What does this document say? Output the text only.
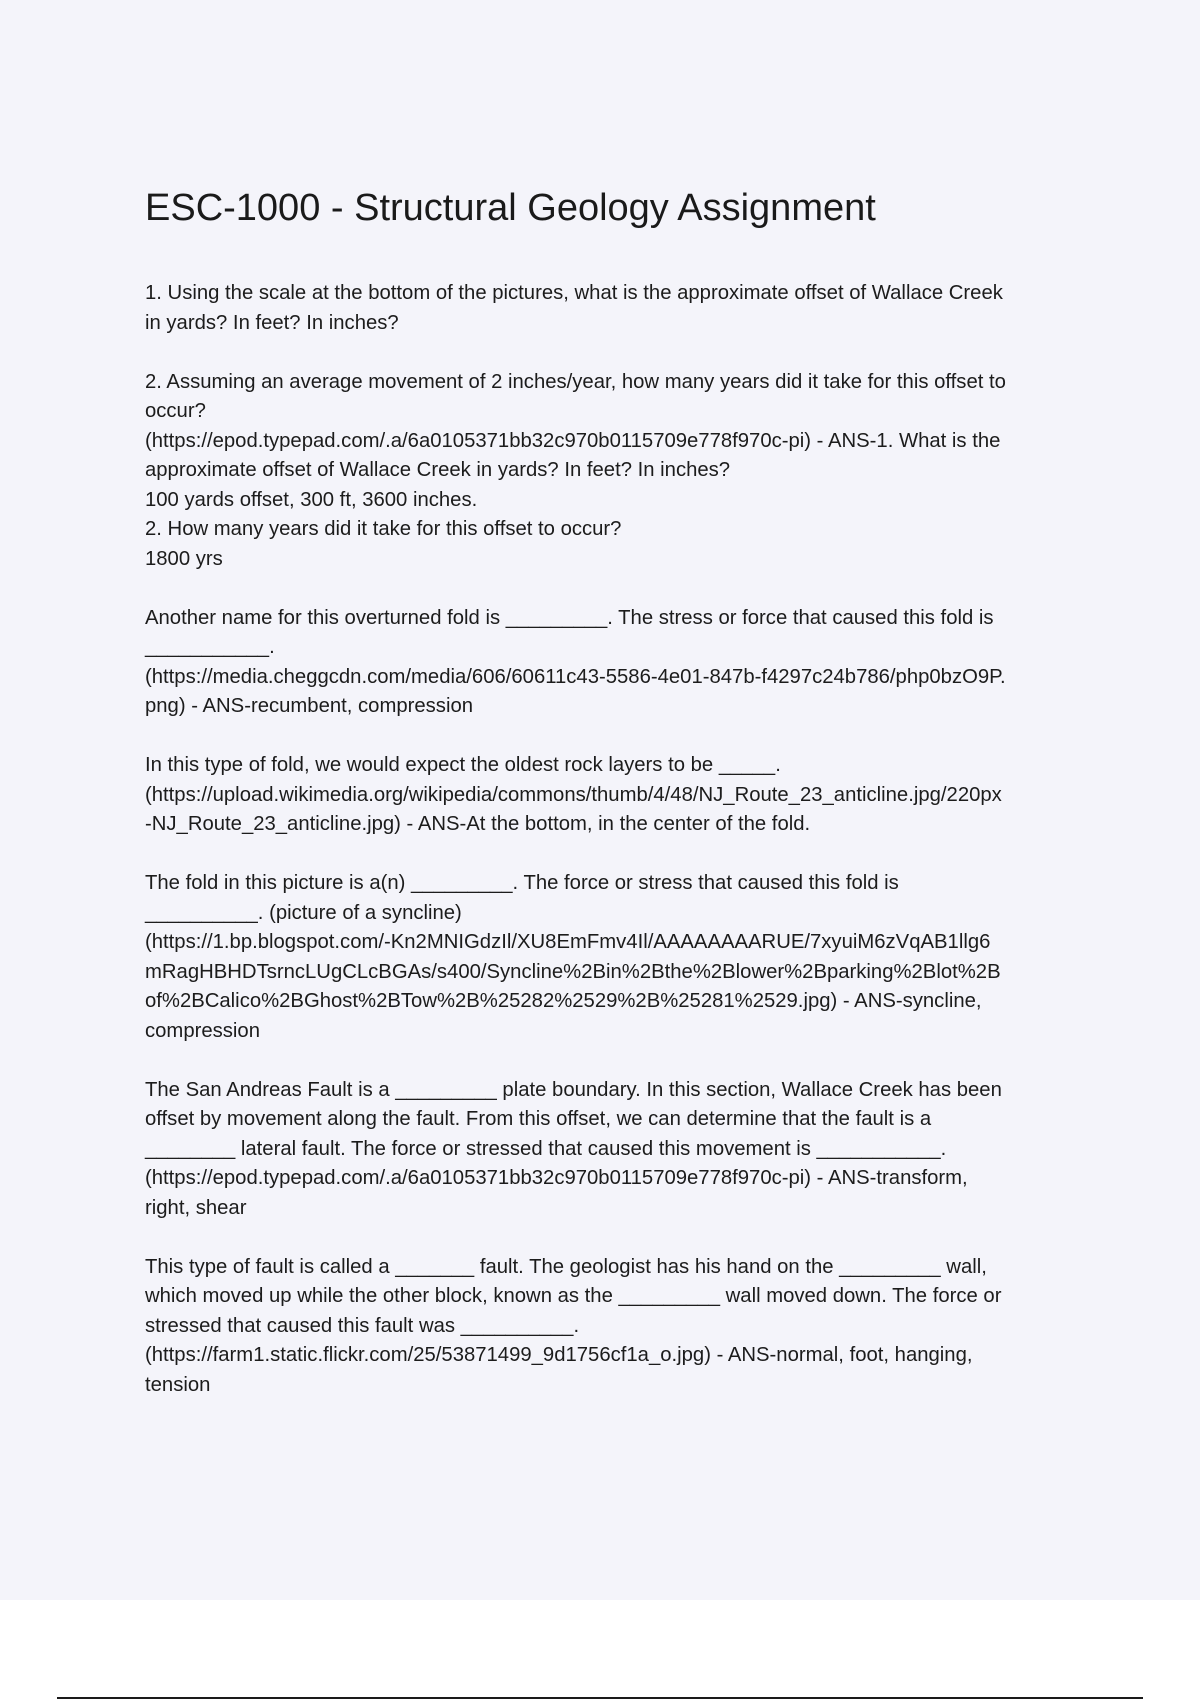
ESC-1000 - Structural Geology Assignment
1. Using the scale at the bottom of the pictures, what is the approximate offset of Wallace Creek
in yards? In feet? In inches?
2. Assuming an average movement of 2 inches/year, how many years did it take for this offset to
occur?
(https://epod.typepad.com/.a/6a0105371bb32c970b0115709e778f970c-pi) - ANS-1. What is the
approximate offset of Wallace Creek in yards? In feet? In inches?
100 yards offset, 300 ft, 3600 inches.
2. How many years did it take for this offset to occur?
1800 yrs
Another name for this overturned fold is _________. The stress or force that caused this fold is
___________.
(https://media.cheggcdn.com/media/606/60611c43-5586-4e01-847b-f4297c24b786/php0bzO9P.
png) - ANS-recumbent, compression
In this type of fold, we would expect the oldest rock layers to be _____.
(https://upload.wikimedia.org/wikipedia/commons/thumb/4/48/NJ_Route_23_anticline.jpg/220px
-NJ_Route_23_anticline.jpg) - ANS-At the bottom, in the center of the fold.
The fold in this picture is a(n) _________. The force or stress that caused this fold is
__________. (picture of a syncline)
(https://1.bp.blogspot.com/-Kn2MNIGdzIl/XU8EmFmv4Il/AAAAAAAARUE/7xyuiM6zVqAB1llg6
mRagHBHDTsrncLUgCLcBGAs/s400/Syncline%2Bin%2Bthe%2Blower%2Bparking%2Blot%2B
of%2BCalico%2BGhost%2BTow%2B%25282%2529%2B%25281%2529.jpg) - ANS-syncline,
compression
The San Andreas Fault is a _________ plate boundary. In this section, Wallace Creek has been
offset by movement along the fault. From this offset, we can determine that the fault is a
________ lateral fault. The force or stressed that caused this movement is ___________.
(https://epod.typepad.com/.a/6a0105371bb32c970b0115709e778f970c-pi) - ANS-transform,
right, shear
This type of fault is called a _______ fault. The geologist has his hand on the _________ wall,
which moved up while the other block, known as the _________ wall moved down. The force or
stressed that caused this fault was __________.
(https://farm1.static.flickr.com/25/53871499_9d1756cf1a_o.jpg) - ANS-normal, foot, hanging,
tension
